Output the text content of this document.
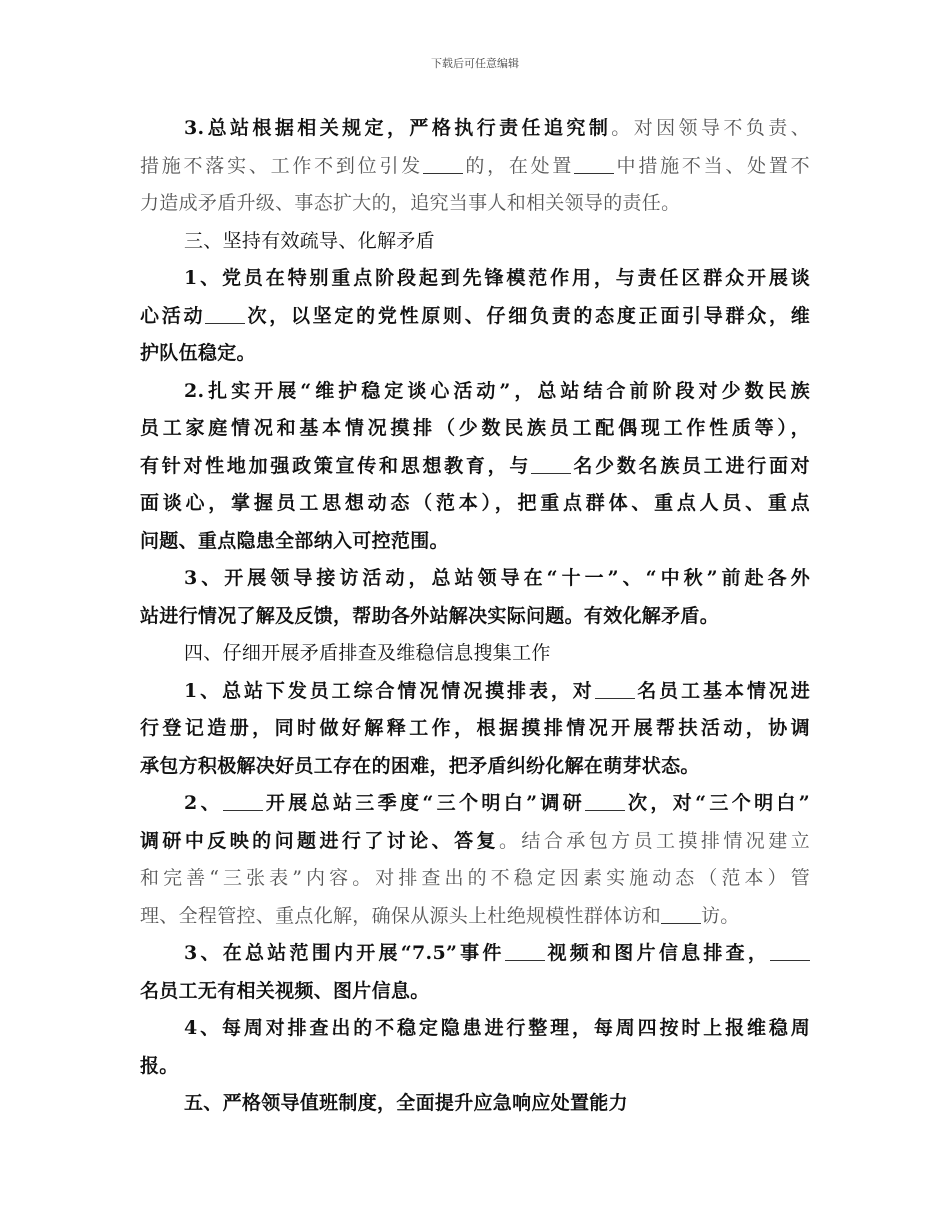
下载后可任意编辑
3.总站根据相关规定，严格执行责任追究制。对因领导不负责、
措施不落实、工作不到位引发 的，在处置 中措施不当、处置不
力造成矛盾升级、事态扩大的，追究当事人和相关领导的责任。
三、坚持有效疏导、化解矛盾
1、党员在特别重点阶段起到先锋模范作用，与责任区群众开展谈
心活动 次，以坚定的党性原则、仔细负责的态度正面引导群众，维
护队伍稳定。
2.扎实开展“维护稳定谈心活动”，总站结合前阶段对少数民族
员工家庭情况和基本情况摸排（少数民族员工配偶现工作性质等），
有针对性地加强政策宣传和思想教育，与 名少数名族员工进行面对
面谈心，掌握员工思想动态（范本），把重点群体、重点人员、重点
问题、重点隐患全部纳入可控范围。
3、开展领导接访活动，总站领导在“十一”、“中秋”前赴各外
站进行情况了解及反馈，帮助各外站解决实际问题。有效化解矛盾。
四、仔细开展矛盾排查及维稳信息搜集工作
1、总站下发员工综合情况情况摸排表，对 名员工基本情况进
行登记造册，同时做好解释工作，根据摸排情况开展帮扶活动，协调
承包方积极解决好员工存在的困难，把矛盾纠纷化解在萌芽状态。
2、 开展总站三季度“三个明白”调研 次，对“三个明白”
调研中反映的问题进行了讨论、答复。结合承包方员工摸排情况建立
和完善“三张表”内容。对排查出的不稳定因素实施动态（范本）管
理、全程管控、重点化解，确保从源头上杜绝规模性群体访和 访。
3、在总站范围内开展“7.5”事件 视频和图片信息排查，
名员工无有相关视频、图片信息。
4、每周对排查出的不稳定隐患进行整理，每周四按时上报维稳周
报。
五、严格领导值班制度，全面提升应急响应处置能力
